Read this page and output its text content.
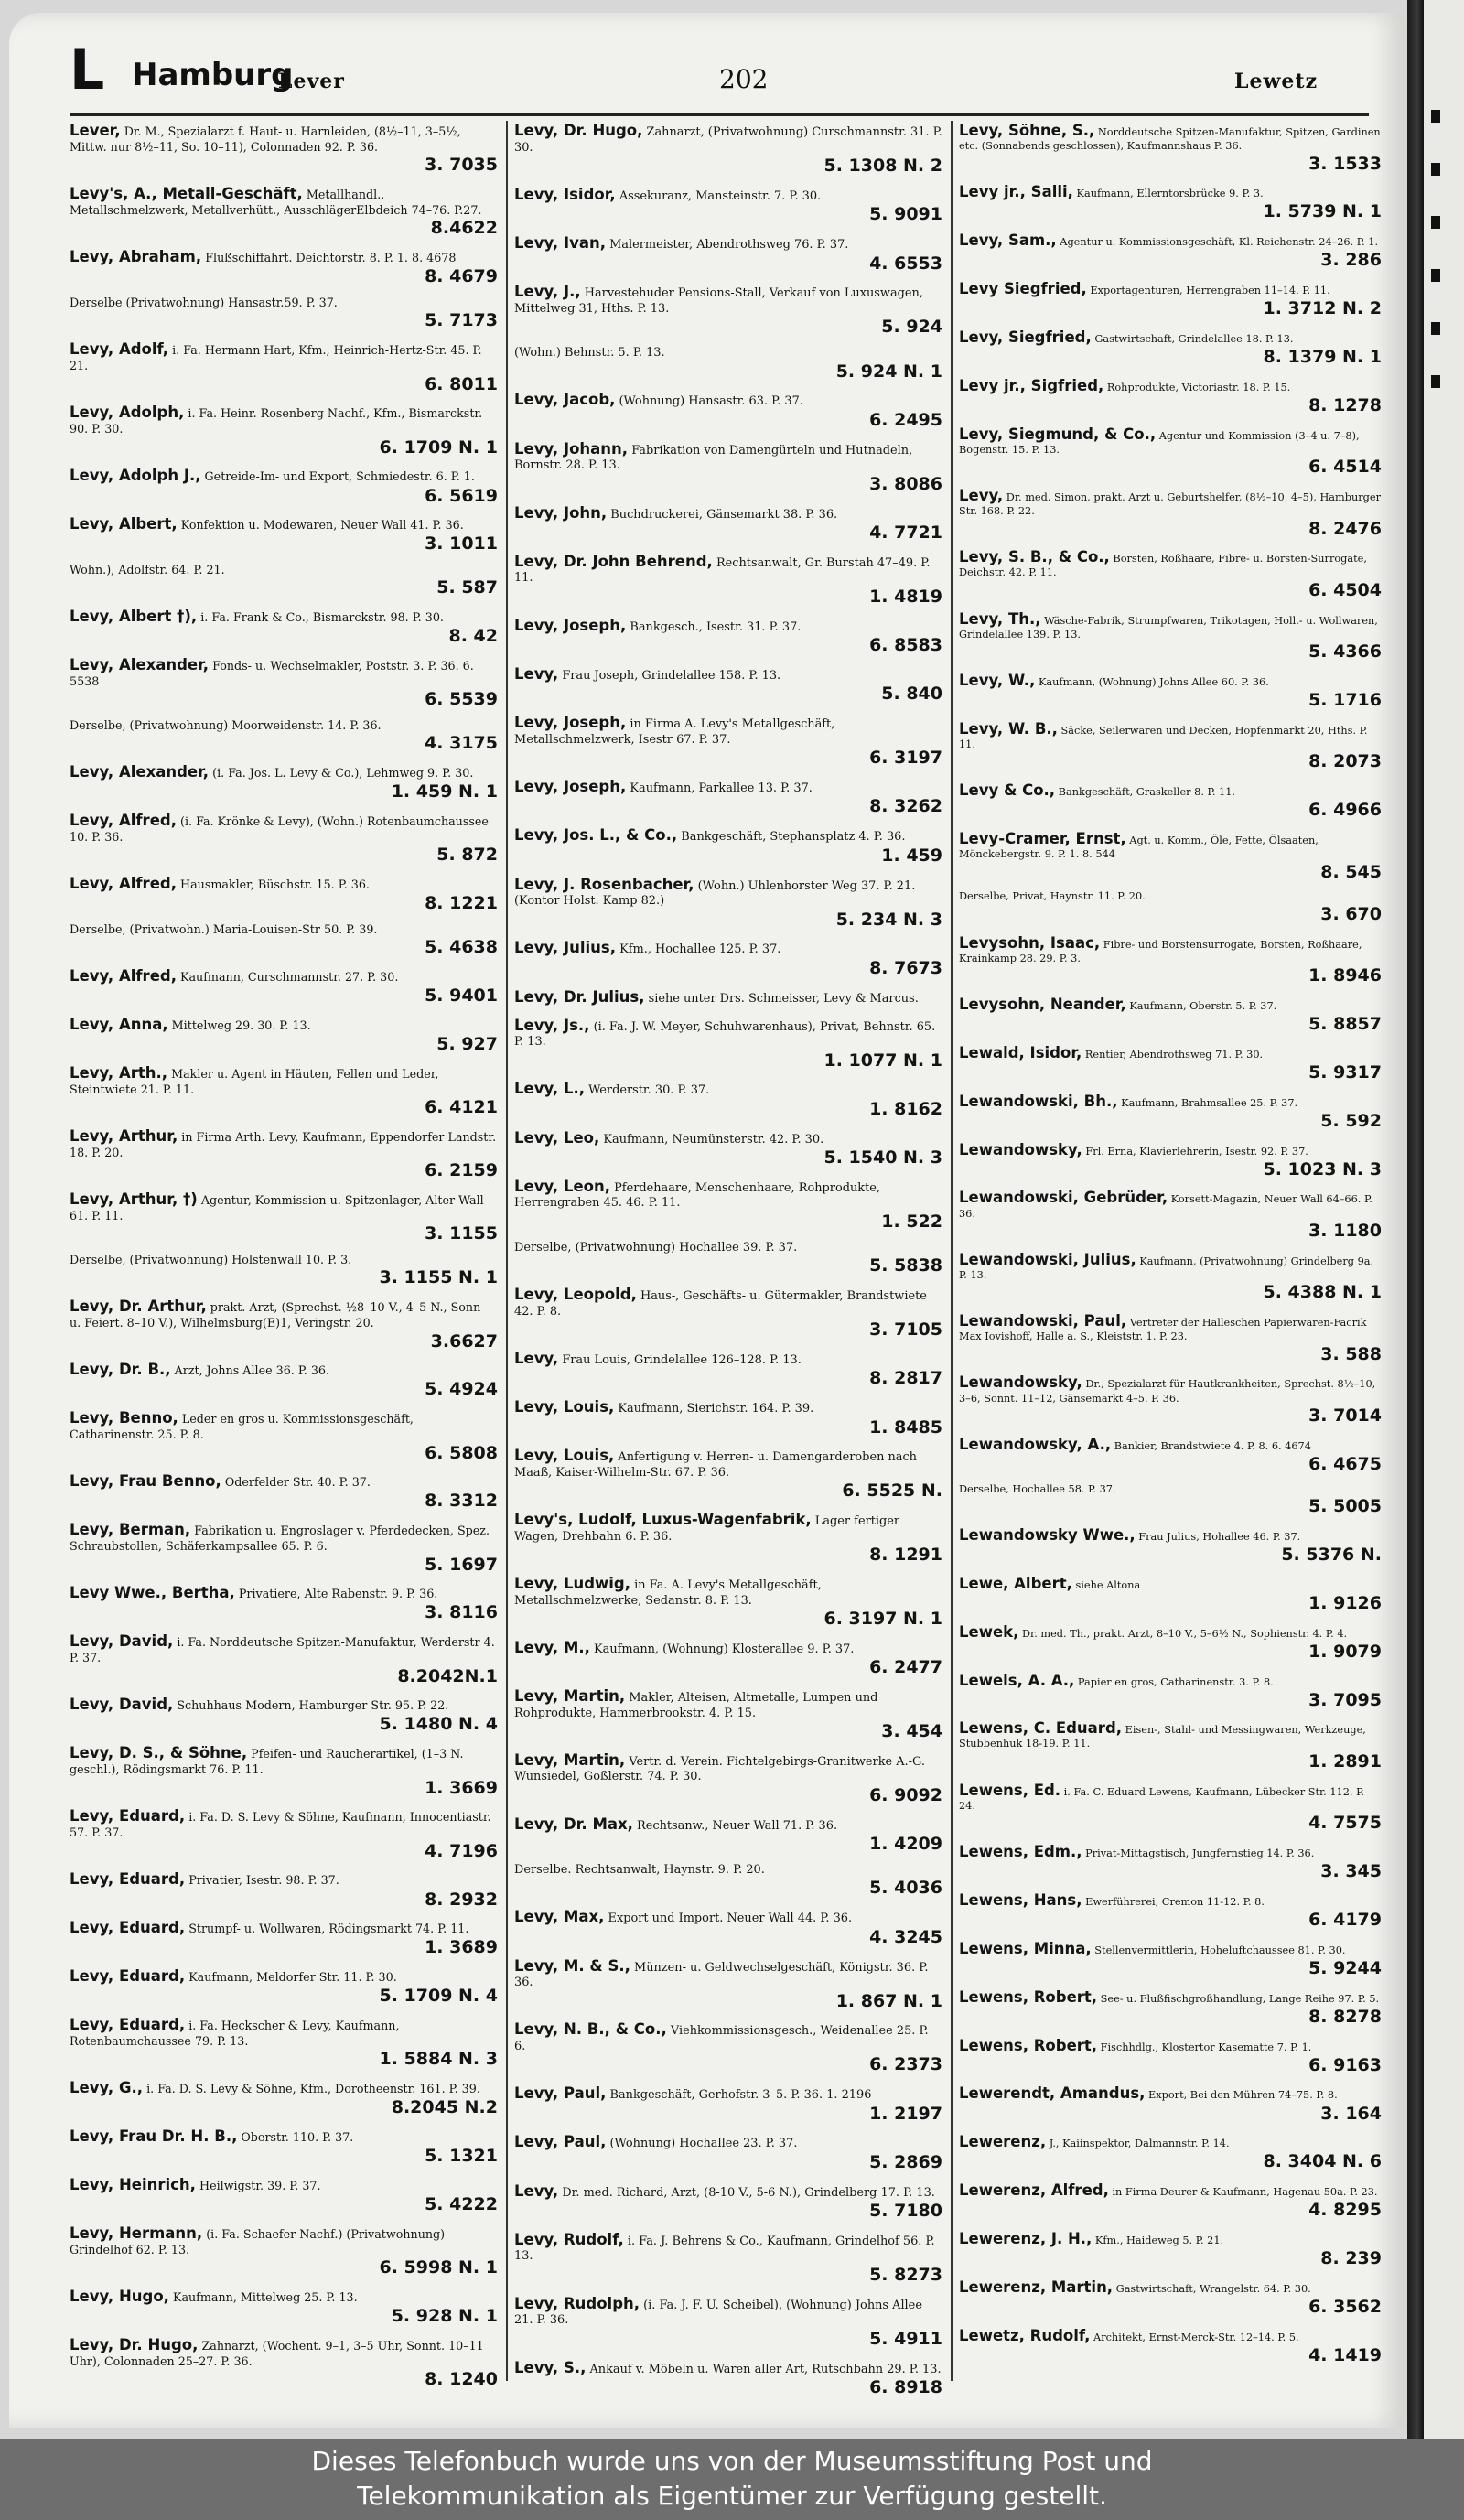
L Hamburg
Lever	202	Lewetz
Lever, Dr. M., Spezialarzt f. Haut- u. Harnleiden, (8½–11, 3–5½, Mittw. nur 8½–11, So. 10–11), Colonnaden 92. P. 36.
3. 7035
Levy's, A., Metall-Geschäft, Metallhandl., Metallschmelzwerk, Metallverhütt., AusschlägerElbdeich 74–76. P.27.
8.4622
Levy, Abraham, Flußschiffahrt. Deichtorstr. 8. P. 1. 8. 4678
8. 4679
Derselbe (Privatwohnung) Hansastr.59. P. 37.
5. 7173
Levy, Adolf, i. Fa. Hermann Hart, Kfm., Heinrich-Hertz-Str. 45. P. 21.
6. 8011
Levy, Adolph, i. Fa. Heinr. Rosenberg Nachf., Kfm., Bismarckstr. 90. P. 30.
6. 1709 N. 1
Levy, Adolph J., Getreide-Im- und Export, Schmiedestr. 6. P. 1.
6. 5619
Levy, Albert, Konfektion u. Modewaren, Neuer Wall 41. P. 36.
3. 1011
Wohn.), Adolfstr. 64. P. 21.
5. 587
Levy, Albert †), i. Fa. Frank & Co., Bismarckstr. 98. P. 30.
8. 42
Levy, Alexander, Fonds- u. Wechselmakler, Poststr. 3. P. 36. 6. 5538
6. 5539
Derselbe, (Privatwohnung) Moorweidenstr. 14. P. 36.
4. 3175
Levy, Alexander, (i. Fa. Jos. L. Levy & Co.), Lehmweg 9. P. 30.
1. 459 N. 1
Levy, Alfred, (i. Fa. Krönke & Levy), (Wohn.) Rotenbaumchaussee 10. P. 36.
5. 872
Levy, Alfred, Hausmakler, Büschstr. 15. P. 36.
8. 1221
Derselbe, (Privatwohn.) Maria-Louisen-Str 50. P. 39.
5. 4638
Levy, Alfred, Kaufmann, Curschmannstr. 27. P. 30.
5. 9401
Levy, Anna, Mittelweg 29. 30. P. 13.
5. 927
Levy, Arth., Makler u. Agent in Häuten, Fellen und Leder, Steintwiete 21. P. 11.
6. 4121
Levy, Arthur, in Firma Arth. Levy, Kaufmann, Eppendorfer Landstr. 18. P. 20.
6. 2159
Levy, Arthur, †) Agentur, Kommission u. Spitzenlager, Alter Wall 61. P. 11.
3. 1155
Derselbe, (Privatwohnung) Holstenwall 10. P. 3.
3. 1155 N. 1
Levy, Dr. Arthur, prakt. Arzt, (Sprechst. ½8–10 V., 4–5 N., Sonn- u. Feiert. 8–10 V.), Wilhelmsburg(E)1, Veringstr. 20.
3.6627
Levy, Dr. B., Arzt, Johns Allee 36. P. 36.
5. 4924
Levy, Benno, Leder en gros u. Kommissionsgeschäft, Catharinenstr. 25. P. 8.
6. 5808
Levy, Frau Benno, Oderfelder Str. 40. P. 37.
8. 3312
Levy, Berman, Fabrikation u. Engroslager v. Pferdedecken, Spez. Schraubstollen, Schäferkampsallee 65. P. 6.
5. 1697
Levy Wwe., Bertha, Privatiere, Alte Rabenstr. 9. P. 36.
3. 8116
Levy, David, i. Fa. Norddeutsche Spitzen-Manufaktur, Werderstr 4. P. 37.
8.2042N.1
Levy, David, Schuhhaus Modern, Hamburger Str. 95. P. 22.
5. 1480 N. 4
Levy, D. S., & Söhne, Pfeifen- und Raucherartikel, (1–3 N. geschl.), Rödingsmarkt 76. P. 11.
1. 3669
Levy, Eduard, i. Fa. D. S. Levy & Söhne, Kaufmann, Innocentiastr. 57. P. 37.
4. 7196
Levy, Eduard, Privatier, Isestr. 98. P. 37.
8. 2932
Levy, Eduard, Strumpf- u. Wollwaren, Rödingsmarkt 74. P. 11.
1. 3689
Levy, Eduard, Kaufmann, Meldorfer Str. 11. P. 30.
5. 1709 N. 4
Levy, Eduard, i. Fa. Heckscher & Levy, Kaufmann, Rotenbaumchaussee 79. P. 13.
1. 5884 N. 3
Levy, G., i. Fa. D. S. Levy & Söhne, Kfm., Dorotheenstr. 161. P. 39.
8.2045 N.2
Levy, Frau Dr. H. B., Oberstr. 110. P. 37.
5. 1321
Levy, Heinrich, Heilwigstr. 39. P. 37.
5. 4222
Levy, Hermann, (i. Fa. Schaefer Nachf.) (Privatwohnung) Grindelhof 62. P. 13.
6. 5998 N. 1
Levy, Hugo, Kaufmann, Mittelweg 25. P. 13.
5. 928 N. 1
Levy, Dr. Hugo, Zahnarzt, (Wochent. 9–1, 3–5 Uhr, Sonnt. 10–11 Uhr), Colonnaden 25–27. P. 36.
8. 1240
Levy, Dr. Hugo, Zahnarzt, (Privatwohnung) Curschmannstr. 31. P. 30.
5. 1308 N. 2
Levy, Isidor, Assekuranz, Mansteinstr. 7. P. 30.
5. 9091
Levy, Ivan, Malermeister, Abendrothsweg 76. P. 37.
4. 6553
Levy, J., Harvestehuder Pensions-Stall, Verkauf von Luxuswagen, Mittelweg 31, Hths. P. 13.
5. 924
(Wohn.) Behnstr. 5. P. 13.
5. 924 N. 1
Levy, Jacob, (Wohnung) Hansastr. 63. P. 37.
6. 2495
Levy, Johann, Fabrikation von Damengürteln und Hutnadeln, Bornstr. 28. P. 13.
3. 8086
Levy, John, Buchdruckerei, Gänsemarkt 38. P. 36.
4. 7721
Levy, Dr. John Behrend, Rechtsanwalt, Gr. Burstah 47–49. P. 11.
1. 4819
Levy, Joseph, Bankgesch., Isestr. 31. P. 37.
6. 8583
Levy, Frau Joseph, Grindelallee 158. P. 13.
5. 840
Levy, Joseph, in Firma A. Levy's Metallgeschäft, Metallschmelzwerk, Isestr 67. P. 37.
6. 3197
Levy, Joseph, Kaufmann, Parkallee 13. P. 37.
8. 3262
Levy, Jos. L., & Co., Bankgeschäft, Stephansplatz 4. P. 36.
1. 459
Levy, J. Rosenbacher, (Wohn.) Uhlenhorster Weg 37. P. 21. (Kontor Holst. Kamp 82.)
5. 234 N. 3
Levy, Julius, Kfm., Hochallee 125. P. 37.
8. 7673
Levy, Dr. Julius, siehe unter Drs. Schmeisser, Levy & Marcus.
Levy, Js., (i. Fa. J. W. Meyer, Schuhwarenhaus), Privat, Behnstr. 65. P. 13.
1. 1077 N. 1
Levy, L., Werderstr. 30. P. 37.
1. 8162
Levy, Leo, Kaufmann, Neumünsterstr. 42. P. 30.
5. 1540 N. 3
Levy, Leon, Pferdehaare, Menschenhaare, Rohprodukte, Herrengraben 45. 46. P. 11.
1. 522
Derselbe, (Privatwohnung) Hochallee 39. P. 37.
5. 5838
Levy, Leopold, Haus-, Geschäfts- u. Gütermakler, Brandstwiete 42. P. 8.
3. 7105
Levy, Frau Louis, Grindelallee 126–128. P. 13.
8. 2817
Levy, Louis, Kaufmann, Sierichstr. 164. P. 39.
1. 8485
Levy, Louis, Anfertigung v. Herren- u. Damengarderoben nach Maaß, Kaiser-Wilhelm-Str. 67. P. 36.
6. 5525 N.
Levy's, Ludolf, Luxus-Wagenfabrik, Lager fertiger Wagen, Drehbahn 6. P. 36.
8. 1291
Levy, Ludwig, in Fa. A. Levy's Metallgeschäft, Metallschmelzwerke, Sedanstr. 8. P. 13.
6. 3197 N. 1
Levy, M., Kaufmann, (Wohnung) Klosterallee 9. P. 37.
6. 2477
Levy, Martin, Makler, Alteisen, Altmetalle, Lumpen und Rohprodukte, Hammerbrookstr. 4. P. 15.
3. 454
Levy, Martin, Vertr. d. Verein. Fichtelgebirgs-Granitwerke A.-G. Wunsiedel, Goßlerstr. 74. P. 30.
6. 9092
Levy, Dr. Max, Rechtsanw., Neuer Wall 71. P. 36.
1. 4209
Derselbe. Rechtsanwalt, Haynstr. 9. P. 20.
5. 4036
Levy, Max, Export und Import. Neuer Wall 44. P. 36.
4. 3245
Levy, M. & S., Münzen- u. Geldwechselgeschäft, Königstr. 36. P. 36.
1. 867 N. 1
Levy, N. B., & Co., Viehkommissionsgesch., Weidenallee 25. P. 6.
6. 2373
Levy, Paul, Bankgeschäft, Gerhofstr. 3–5. P. 36. 1. 2196
1. 2197
Levy, Paul, (Wohnung) Hochallee 23. P. 37.
5. 2869
Levy, Dr. med. Richard, Arzt, (8-10 V., 5-6 N.), Grindelberg 17. P. 13.
5. 7180
Levy, Rudolf, i. Fa. J. Behrens & Co., Kaufmann, Grindelhof 56. P. 13.
5. 8273
Levy, Rudolph, (i. Fa. J. F. U. Scheibel), (Wohnung) Johns Allee 21. P. 36.
5. 4911
Levy, S., Ankauf v. Möbeln u. Waren aller Art, Rutschbahn 29. P. 13.
6. 8918
Levy, Söhne, S., Norddeutsche Spitzen-Manufaktur, Spitzen, Gardinen etc. (Sonnabends geschlossen), Kaufmannshaus P. 36.
3. 1533
Levy jr., Salli, Kaufmann, Ellerntorsbrücke 9. P. 3.
1. 5739 N. 1
Levy, Sam., Agentur u. Kommissionsgeschäft, Kl. Reichenstr. 24–26. P. 1.
3. 286
Levy Siegfried, Exportagenturen, Herrengraben 11–14. P. 11.
1. 3712 N. 2
Levy, Siegfried, Gastwirtschaft, Grindelallee 18. P. 13.
8. 1379 N. 1
Levy jr., Sigfried, Rohprodukte, Victoriastr. 18. P. 15.
8. 1278
Levy, Siegmund, & Co., Agentur und Kommission (3–4 u. 7–8), Bogenstr. 15. P. 13.
6. 4514
Levy, Dr. med. Simon, prakt. Arzt u. Geburtshelfer, (8½–10, 4–5), Hamburger Str. 168. P. 22.
8. 2476
Levy, S. B., & Co., Borsten, Roßhaare, Fibre- u. Borsten-Surrogate, Deichstr. 42. P. 11.
6. 4504
Levy, Th., Wäsche-Fabrik, Strumpfwaren, Trikotagen, Holl.- u. Wollwaren, Grindelallee 139. P. 13.
5. 4366
Levy, W., Kaufmann, (Wohnung) Johns Allee 60. P. 36.
5. 1716
Levy, W. B., Säcke, Seilerwaren und Decken, Hopfenmarkt 20, Hths. P. 11.
8. 2073
Levy & Co., Bankgeschäft, Graskeller 8. P. 11.
6. 4966
Levy-Cramer, Ernst, Agt. u. Komm., Öle, Fette, Ölsaaten, Mönckebergstr. 9. P. 1. 8. 544
8. 545
Derselbe, Privat, Haynstr. 11. P. 20.
3. 670
Levysohn, Isaac, Fibre- und Borstensurrogate, Borsten, Roßhaare, Krainkamp 28. 29. P. 3.
1. 8946
Levysohn, Neander, Kaufmann, Oberstr. 5. P. 37.
5. 8857
Lewald, Isidor, Rentier, Abendrothsweg 71. P. 30.
5. 9317
Lewandowski, Bh., Kaufmann, Brahmsallee 25. P. 37.
5. 592
Lewandowsky, Frl. Erna, Klavierlehrerin, Isestr. 92. P. 37.
5. 1023 N. 3
Lewandowski, Gebrüder, Korsett-Magazin, Neuer Wall 64–66. P. 36.
3. 1180
Lewandowski, Julius, Kaufmann, (Privatwohnung) Grindelberg 9a. P. 13.
5. 4388 N. 1
Lewandowski, Paul, Vertreter der Halleschen Papierwaren-Facrik Max Iovishoff, Halle a. S., Kleiststr. 1. P. 23.
3. 588
Lewandowsky, Dr., Spezialarzt für Hautkrankheiten, Sprechst. 8½–10, 3–6, Sonnt. 11–12, Gänsemarkt 4–5. P. 36.
3. 7014
Lewandowsky, A., Bankier, Brandstwiete 4. P. 8. 6. 4674
6. 4675
Derselbe, Hochallee 58. P. 37.
5. 5005
Lewandowsky Wwe., Frau Julius, Hohallee 46. P. 37.
5. 5376 N.
Lewe, Albert, siehe Altona
1. 9126
Lewek, Dr. med. Th., prakt. Arzt, 8–10 V., 5–6½ N., Sophienstr. 4. P. 4.
1. 9079
Lewels, A. A., Papier en gros, Catharinenstr. 3. P. 8.
3. 7095
Lewens, C. Eduard, Eisen-, Stahl- und Messingwaren, Werkzeuge, Stubbenhuk 18-19. P. 11.
1. 2891
Lewens, Ed. i. Fa. C. Eduard Lewens, Kaufmann, Lübecker Str. 112. P. 24.
4. 7575
Lewens, Edm., Privat-Mittagstisch, Jungfernstieg 14. P. 36.
3. 345
Lewens, Hans, Ewerführerei, Cremon 11-12. P. 8.
6. 4179
Lewens, Minna, Stellenvermittlerin, Hoheluftchaussee 81. P. 30.
5. 9244
Lewens, Robert, See- u. Flußfischgroßhandlung, Lange Reihe 97. P. 5.
8. 8278
Lewens, Robert, Fischhdlg., Klostertor Kasematte 7. P. 1.
6. 9163
Lewerendt, Amandus, Export, Bei den Mühren 74–75. P. 8.
3. 164
Lewerenz, J., Kaiinspektor, Dalmannstr. P. 14.
8. 3404 N. 6
Lewerenz, Alfred, in Firma Deurer & Kaufmann, Hagenau 50a. P. 23.
4. 8295
Lewerenz, J. H., Kfm., Haideweg 5. P. 21.
8. 239
Lewerenz, Martin, Gastwirtschaft, Wrangelstr. 64. P. 30.
6. 3562
Lewetz, Rudolf, Architekt, Ernst-Merck-Str. 12–14. P. 5.
4. 1419
Dieses Telefonbuch wurde uns von der Museumsstiftung Post und
Telekommunikation als Eigentümer zur Verfügung gestellt.
